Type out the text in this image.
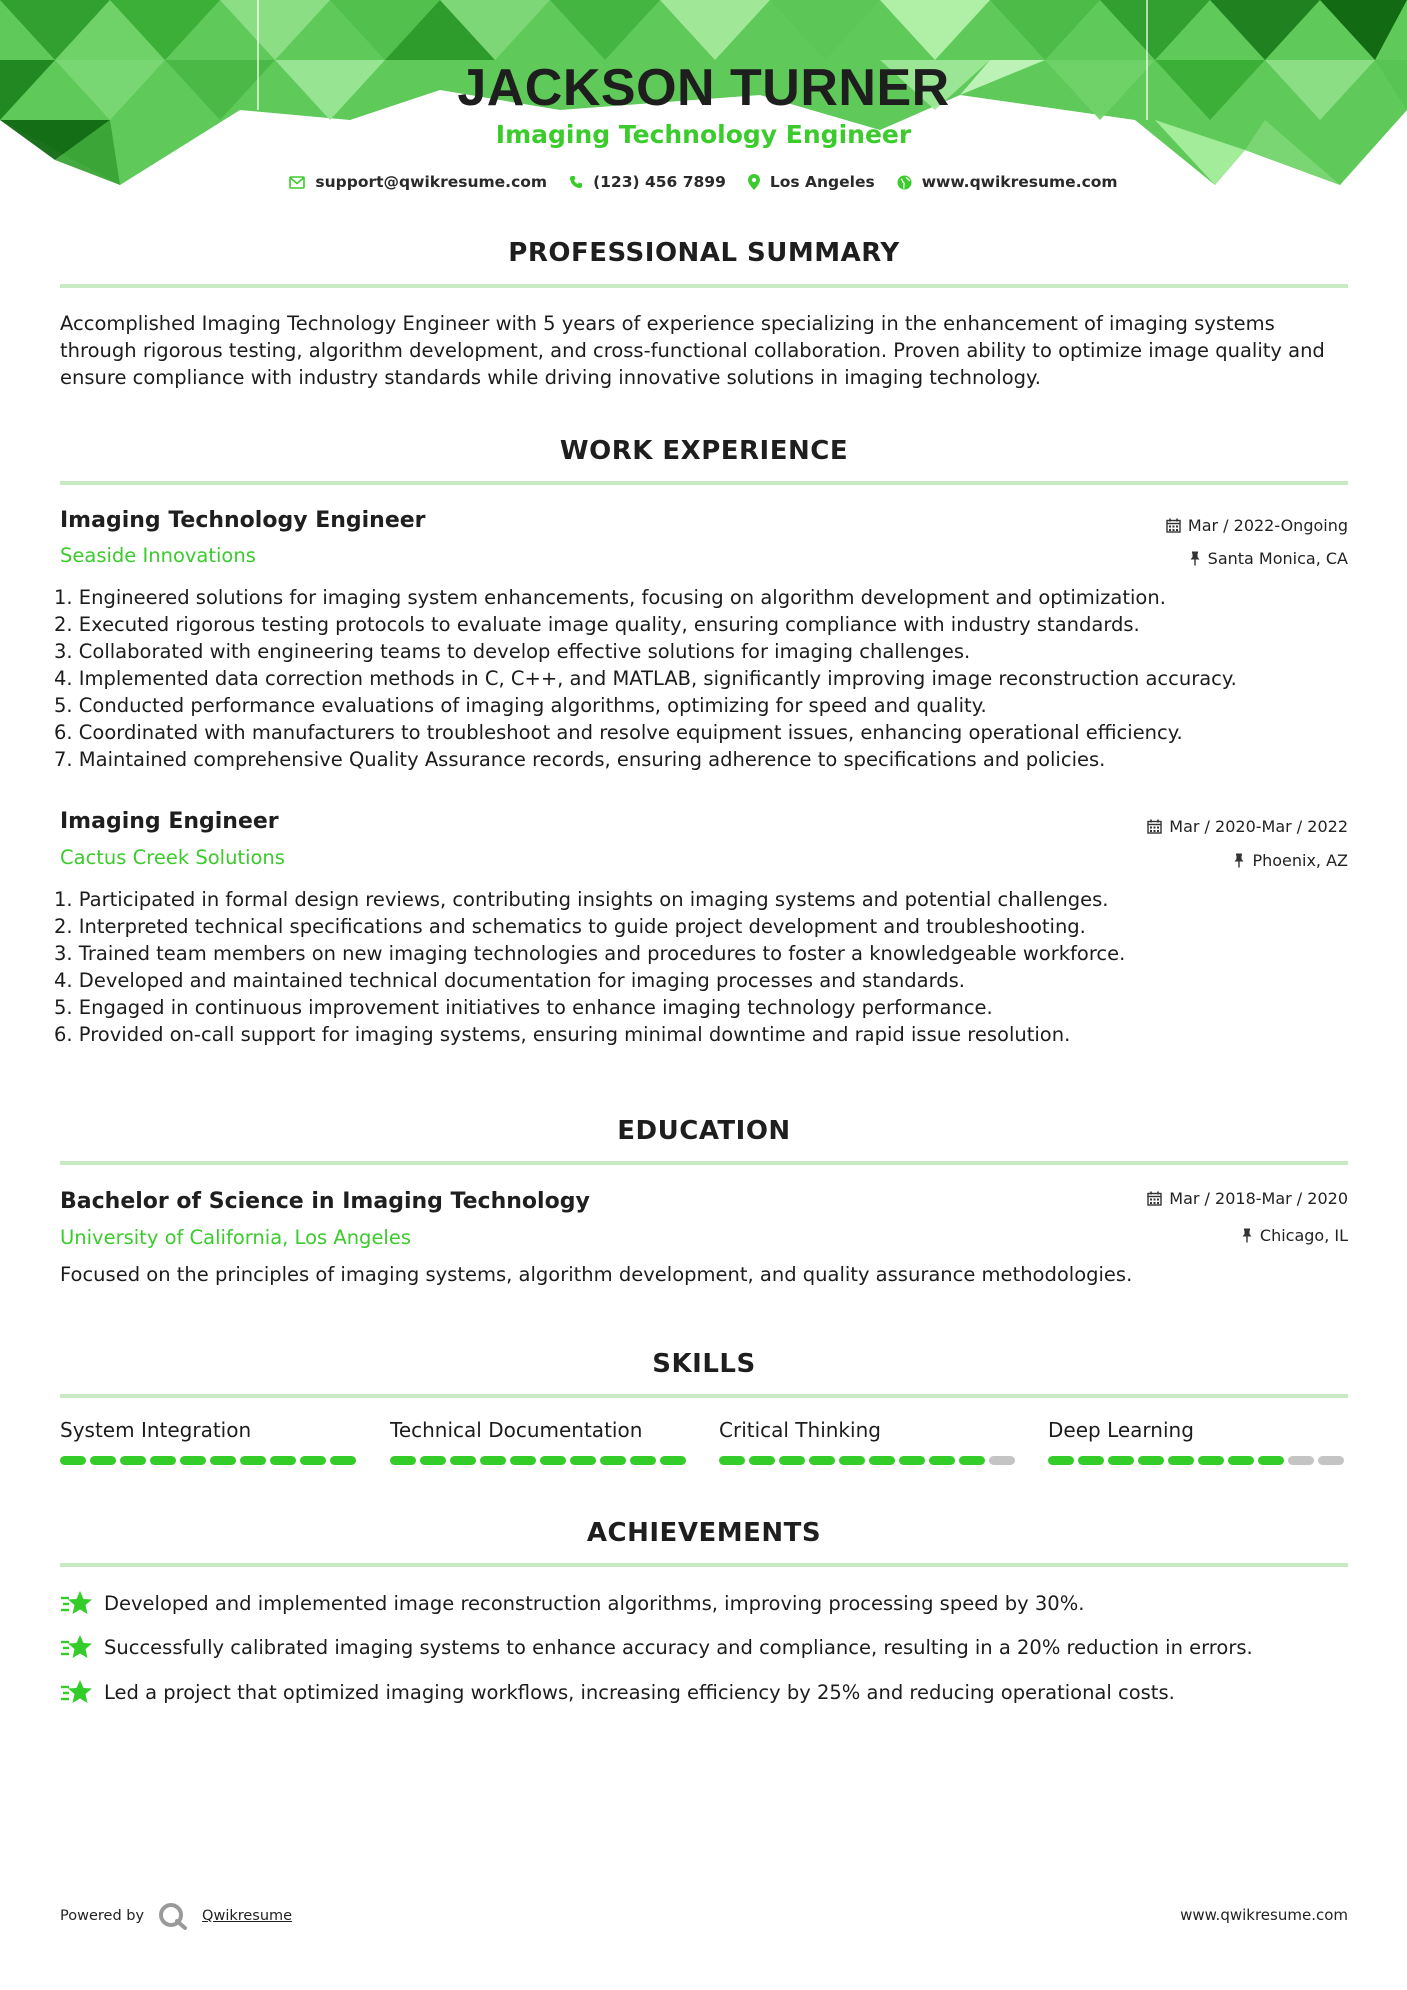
JACKSON TURNER
Imaging Technology Engineer
support@qwikresume.com	(123) 456 7899	Los Angeles	www.qwikresume.com
PROFESSIONAL SUMMARY
Accomplished Imaging Technology Engineer with 5 years of experience specializing in the enhancement of imaging systems through rigorous testing, algorithm development, and cross-functional collaboration. Proven ability to optimize image quality and ensure compliance with industry standards while driving innovative solutions in imaging technology.
WORK EXPERIENCE
Imaging Technology Engineer	Mar / 2022-Ongoing
Seaside Innovations	Santa Monica, CA
1. Engineered solutions for imaging system enhancements, focusing on algorithm development and optimization.
2. Executed rigorous testing protocols to evaluate image quality, ensuring compliance with industry standards.
3. Collaborated with engineering teams to develop effective solutions for imaging challenges.
4. Implemented data correction methods in C, C++, and MATLAB, significantly improving image reconstruction accuracy.
5. Conducted performance evaluations of imaging algorithms, optimizing for speed and quality.
6. Coordinated with manufacturers to troubleshoot and resolve equipment issues, enhancing operational efficiency.
7. Maintained comprehensive Quality Assurance records, ensuring adherence to specifications and policies.
Imaging Engineer	Mar / 2020-Mar / 2022
Cactus Creek Solutions	Phoenix, AZ
1. Participated in formal design reviews, contributing insights on imaging systems and potential challenges.
2. Interpreted technical specifications and schematics to guide project development and troubleshooting.
3. Trained team members on new imaging technologies and procedures to foster a knowledgeable workforce.
4. Developed and maintained technical documentation for imaging processes and standards.
5. Engaged in continuous improvement initiatives to enhance imaging technology performance.
6. Provided on-call support for imaging systems, ensuring minimal downtime and rapid issue resolution.
EDUCATION
Bachelor of Science in Imaging Technology	Mar / 2018-Mar / 2020
University of California, Los Angeles	Chicago, IL
Focused on the principles of imaging systems, algorithm development, and quality assurance methodologies.
SKILLS
System Integration	Technical Documentation	Critical Thinking	Deep Learning
ACHIEVEMENTS
Developed and implemented image reconstruction algorithms, improving processing speed by 30%.
Successfully calibrated imaging systems to enhance accuracy and compliance, resulting in a 20% reduction in errors.
Led a project that optimized imaging workflows, increasing efficiency by 25% and reducing operational costs.
Powered by	Qwikresume	www.qwikresume.com
